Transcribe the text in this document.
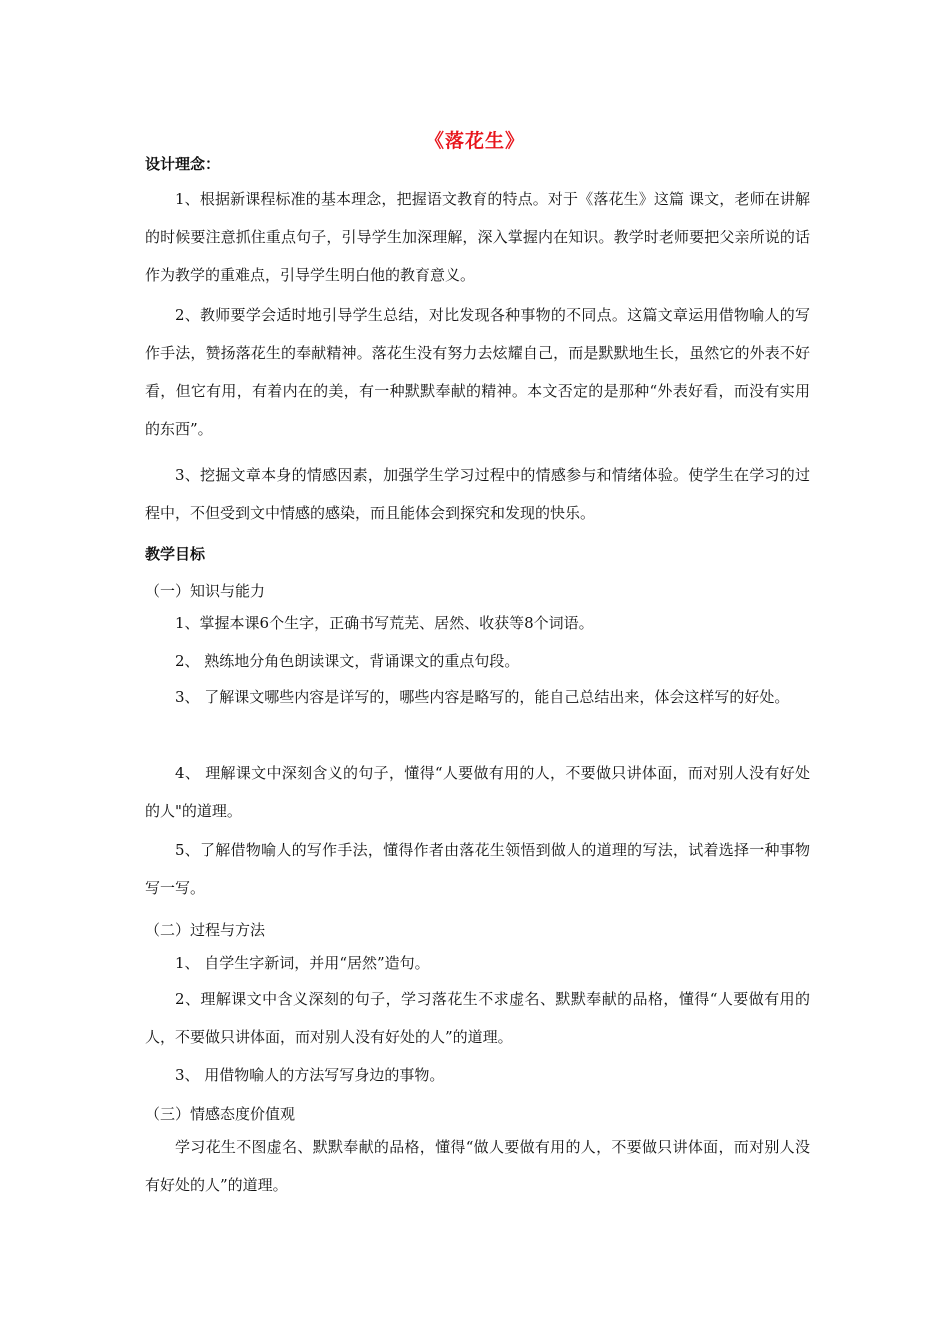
《落花生》
设计理念：

1、根据新课程标准的基本理念，把握语文教育的特点。对于《落花生》这篇 课文，老师在讲解的时候要注意抓住重点句子，引导学生加深理解，深入掌握内在知识。教学时老师要把父亲所说的话作为教学的重难点，引导学生明白他的教育意义。

2、教师要学会适时地引导学生总结，对比发现各种事物的不同点。这篇文章运用借物喻人的写作手法，赞扬落花生的奉献精神。落花生没有努力去炫耀自己，而是默默地生长，虽然它的外表不好看，但它有用，有着内在的美，有一种默默奉献的精神。本文否定的是那种“外表好看，而没有实用的东西”。

3、挖掘文章本身的情感因素，加强学生学习过程中的情感参与和情绪体验。使学生在学习的过程中，不但受到文中情感的感染，而且能体会到探究和发现的快乐。

教学目标
（一）知识与能力

1、掌握本课6个生字，正确书写荒芜、居然、收获等8个词语。

2、 熟练地分角色朗读课文，背诵课文的重点句段。

3、 了解课文哪些内容是详写的，哪些内容是略写的，能自己总结出来，体会这样写的好处。

4、 理解课文中深刻含义的句子，懂得“人要做有用的人，不要做只讲体面，而对别人没有好处的人"的道理。

5、了解借物喻人的写作手法，懂得作者由落花生领悟到做人的道理的写法，试着选择一种事物写一写。

（二）过程与方法

1、 自学生字新词，并用“居然”造句。

2、理解课文中含义深刻的句子，学习落花生不求虚名、默默奉献的品格，懂得“人要做有用的人，不要做只讲体面，而对别人没有好处的人”的道理。

3、 用借物喻人的方法写写身边的事物。

（三）情感态度价值观

学习花生不图虚名、默默奉献的品格，懂得“做人要做有用的人，不要做只讲体面，而对别人没有好处的人”的道理。
